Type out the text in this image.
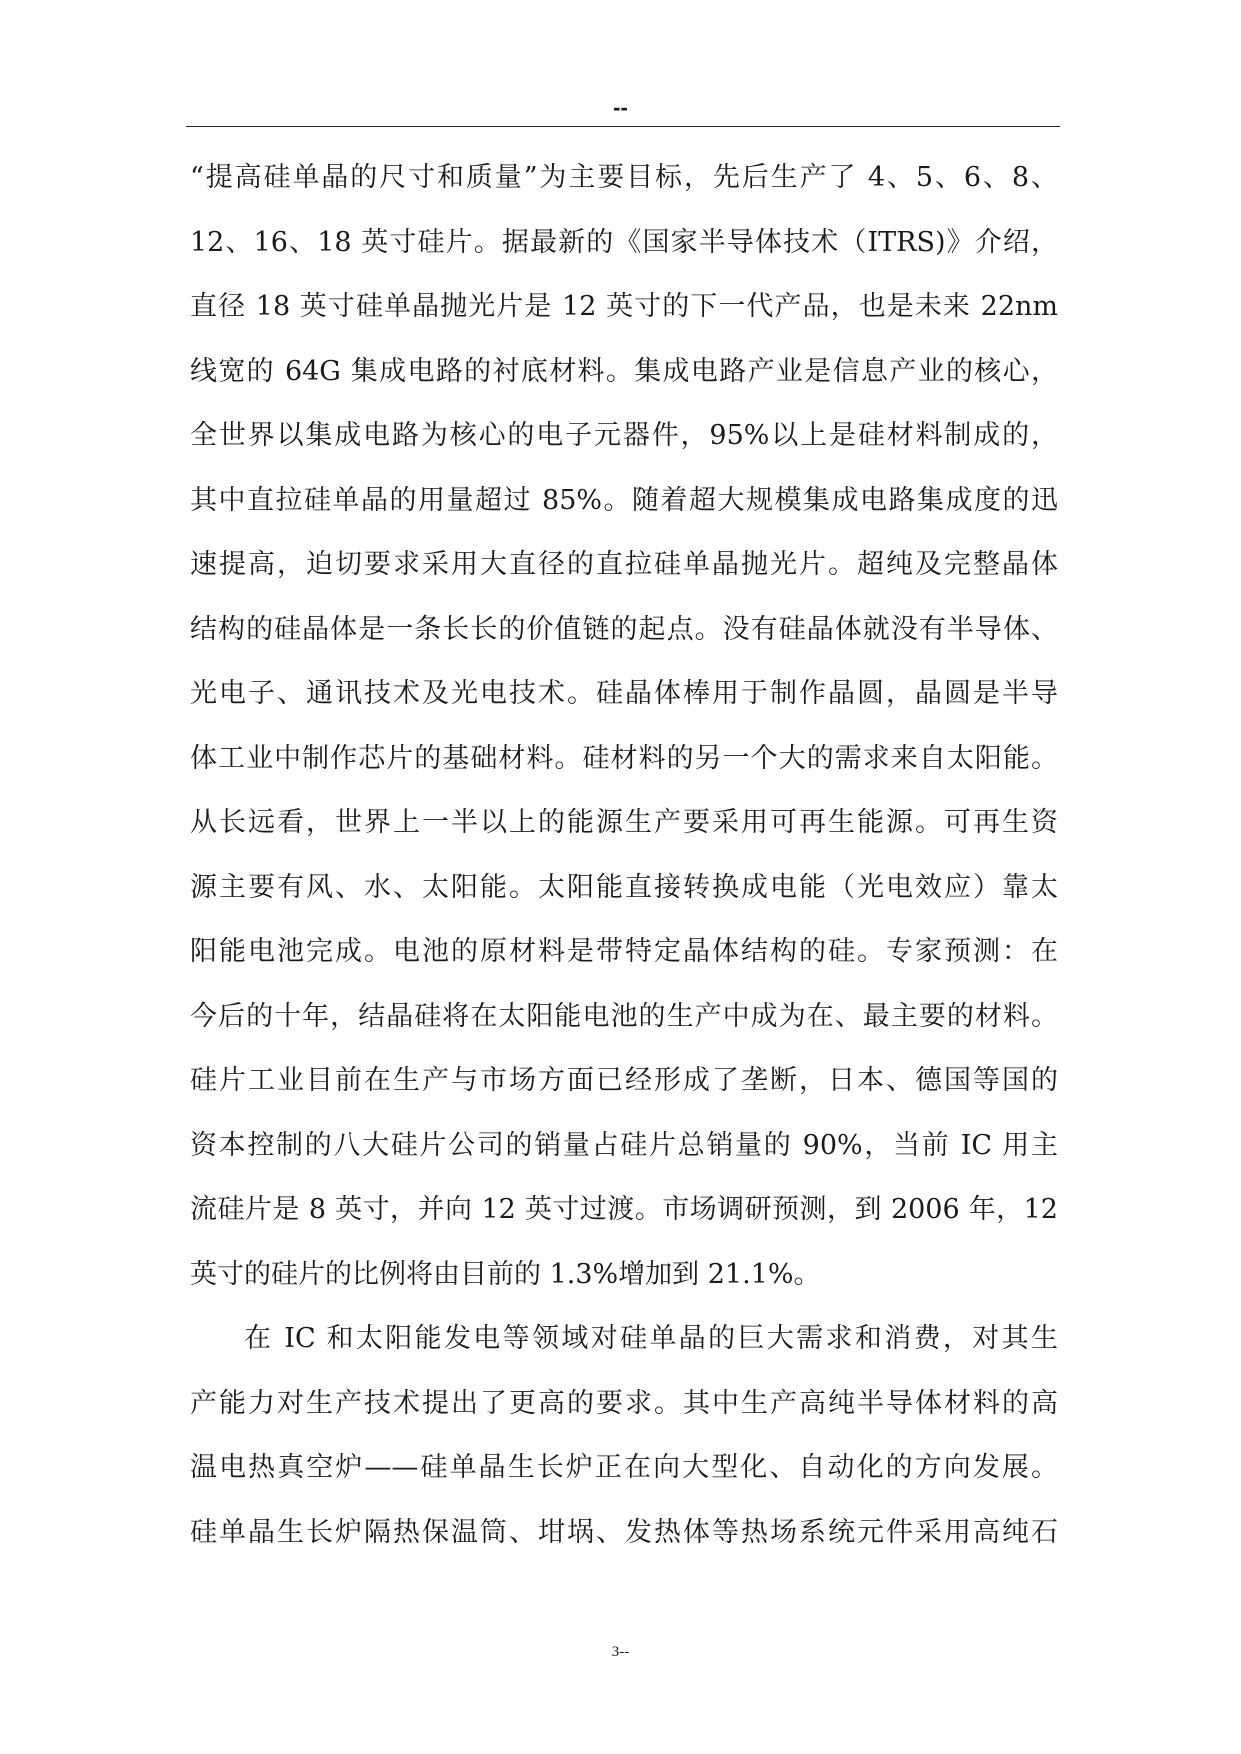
--
“提高硅单晶的尺寸和质量”为主要目标，先后生产了 4、5、6、8、
12、16、18 英寸硅片。据最新的《国家半导体技术（ITRS)》介绍，
直径 18 英寸硅单晶抛光片是 12 英寸的下一代产品，也是未来 22nm
线宽的 64G 集成电路的衬底材料。集成电路产业是信息产业的核心，
全世界以集成电路为核心的电子元器件，95%以上是硅材料制成的，
其中直拉硅单晶的用量超过 85%。随着超大规模集成电路集成度的迅
速提高，迫切要求采用大直径的直拉硅单晶抛光片。超纯及完整晶体
结构的硅晶体是一条长长的价值链的起点。没有硅晶体就没有半导体、
光电子、通讯技术及光电技术。硅晶体棒用于制作晶圆，晶圆是半导
体工业中制作芯片的基础材料。硅材料的另一个大的需求来自太阳能。
从长远看，世界上一半以上的能源生产要采用可再生能源。可再生资
源主要有风、水、太阳能。太阳能直接转换成电能（光电效应）靠太
阳能电池完成。电池的原材料是带特定晶体结构的硅。专家预测：在
今后的十年，结晶硅将在太阳能电池的生产中成为在、最主要的材料。
硅片工业目前在生产与市场方面已经形成了垄断，日本、德国等国的
资本控制的八大硅片公司的销量占硅片总销量的 90%，当前 IC 用主
流硅片是 8 英寸，并向 12 英寸过渡。市场调研预测，到 2006 年，12
英寸的硅片的比例将由目前的 1.3%增加到 21.1%。
在 IC 和太阳能发电等领域对硅单晶的巨大需求和消费，对其生
产能力对生产技术提出了更高的要求。其中生产高纯半导体材料的高
温电热真空炉——硅单晶生长炉正在向大型化、自动化的方向发展。
硅单晶生长炉隔热保温筒、坩埚、发热体等热场系统元件采用高纯石
3--
